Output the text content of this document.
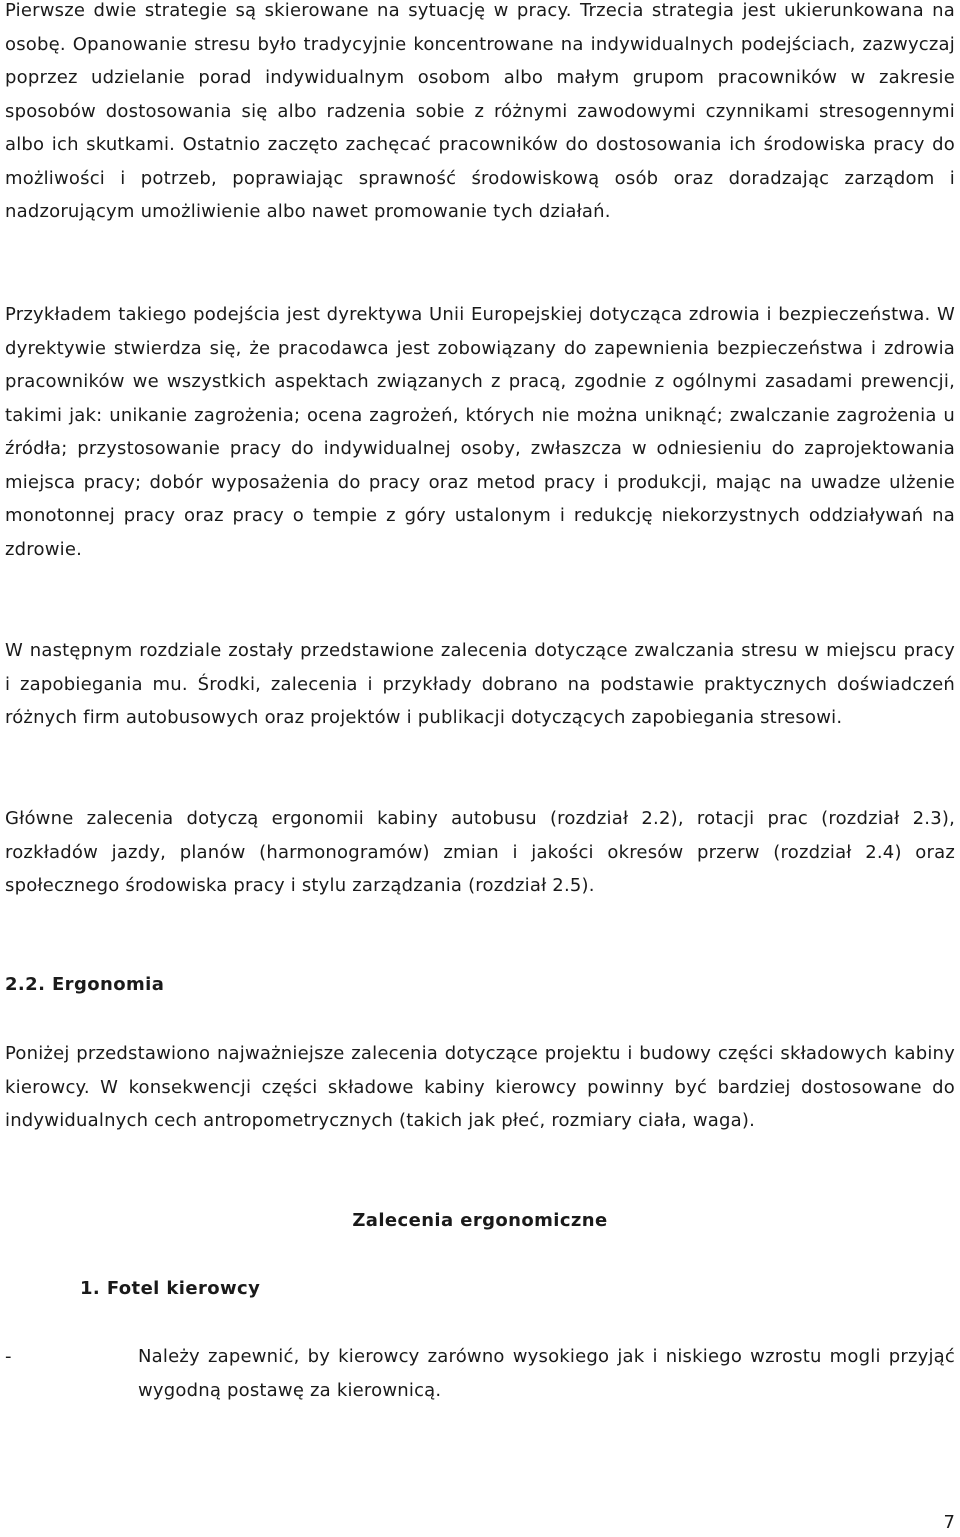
Pierwsze dwie strategie są skierowane na sytuację w pracy. Trzecia strategia jest ukierunkowana na osobę. Opanowanie stresu było tradycyjnie koncentrowane na indywidualnych podejściach, zazwyczaj poprzez udzielanie porad indywidualnym osobom albo małym grupom pracowników w zakresie sposobów dostosowania się albo radzenia sobie z różnymi zawodowymi czynnikami stresogennymi albo ich skutkami. Ostatnio zaczęto zachęcać pracowników do dostosowania ich środowiska pracy do możliwości i potrzeb, poprawiając sprawność środowiskową osób oraz doradzając zarządom i nadzorującym umożliwienie albo nawet promowanie tych działań.

Przykładem takiego podejścia jest dyrektywa Unii Europejskiej dotycząca zdrowia i bezpieczeństwa. W dyrektywie stwierdza się, że pracodawca jest zobowiązany do zapewnienia bezpieczeństwa i zdrowia pracowników we wszystkich aspektach związanych z pracą, zgodnie z ogólnymi zasadami prewencji, takimi jak: unikanie zagrożenia; ocena zagrożeń, których nie można uniknąć; zwalczanie zagrożenia u źródła; przystosowanie pracy do indywidualnej osoby, zwłaszcza w odniesieniu do zaprojektowania miejsca pracy; dobór wyposażenia do pracy oraz metod pracy i produkcji, mając na uwadze ulżenie monotonnej pracy oraz pracy o tempie z góry ustalonym i redukcję niekorzystnych oddziaływań na zdrowie.

W następnym rozdziale zostały przedstawione zalecenia dotyczące zwalczania stresu w miejscu pracy i zapobiegania mu. Środki, zalecenia i przykłady dobrano na podstawie praktycznych doświadczeń różnych firm autobusowych oraz projektów i publikacji dotyczących zapobiegania stresowi.

Główne zalecenia dotyczą ergonomii kabiny autobusu (rozdział 2.2), rotacji prac (rozdział 2.3), rozkładów jazdy, planów (harmonogramów) zmian i jakości okresów przerw (rozdział 2.4) oraz społecznego środowiska pracy i stylu zarządzania (rozdział 2.5).

2.2. Ergonomia

Poniżej przedstawiono najważniejsze zalecenia dotyczące projektu i budowy części składowych kabiny kierowcy. W konsekwencji części składowe kabiny kierowcy powinny być bardziej dostosowane do indywidualnych cech antropometrycznych (takich jak płeć, rozmiary ciała, waga).

Zalecenia ergonomiczne
1. Fotel kierowcy
-	Należy zapewnić, by kierowcy zarówno wysokiego jak i niskiego wzrostu mogli przyjąć wygodną postawę za kierownicą.
7
